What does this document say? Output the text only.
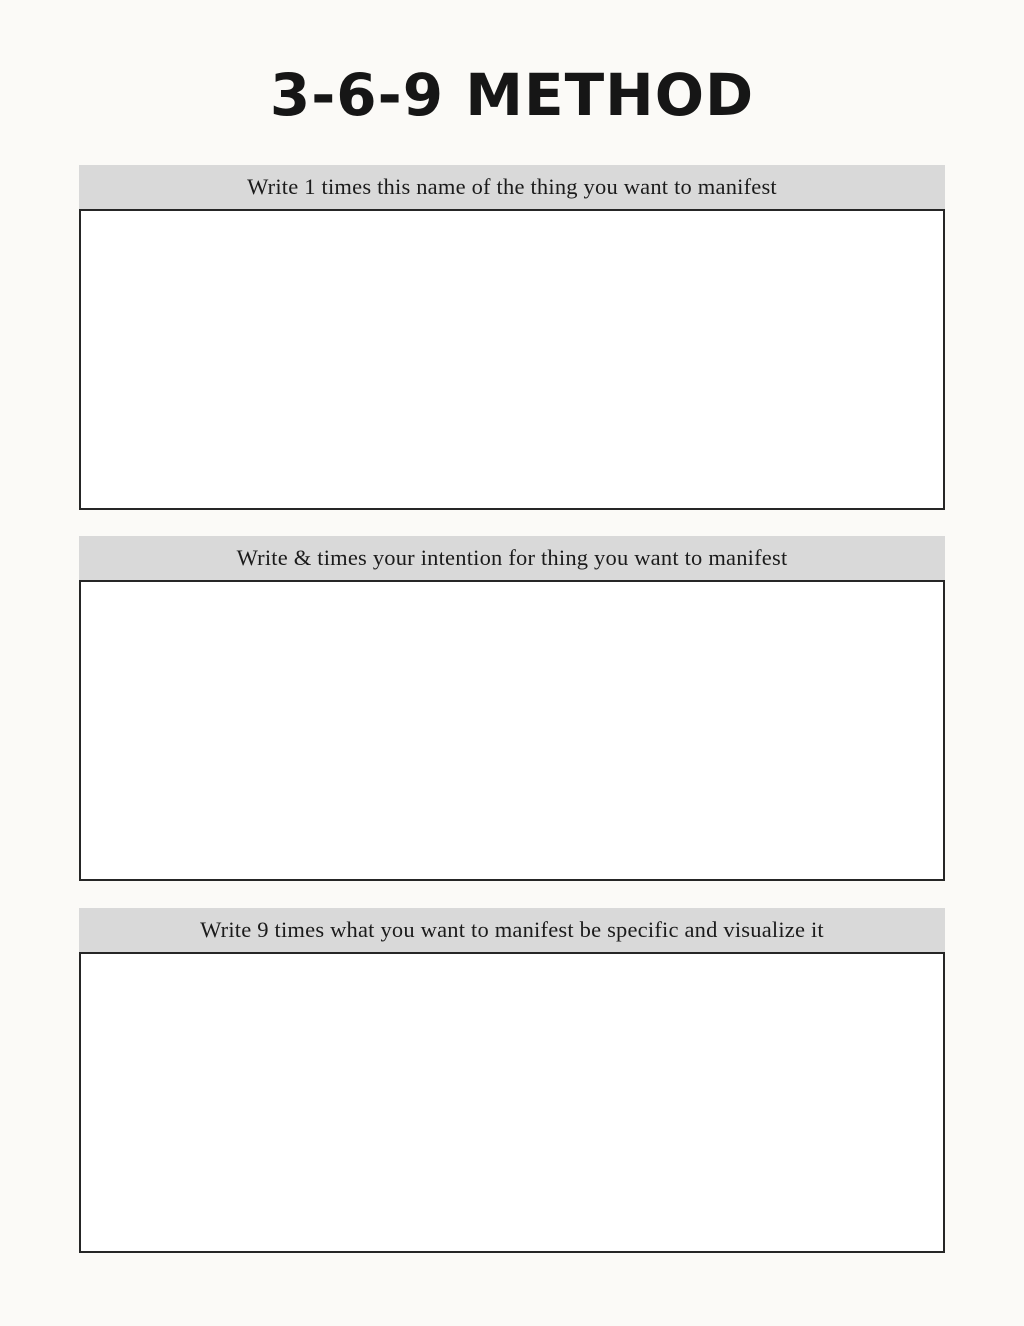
3-6-9 METHOD
Write 1 times this name of the thing you want to manifest
Write & times your intention for thing you want to manifest
Write 9 times what you want to manifest be specific and visualize it
